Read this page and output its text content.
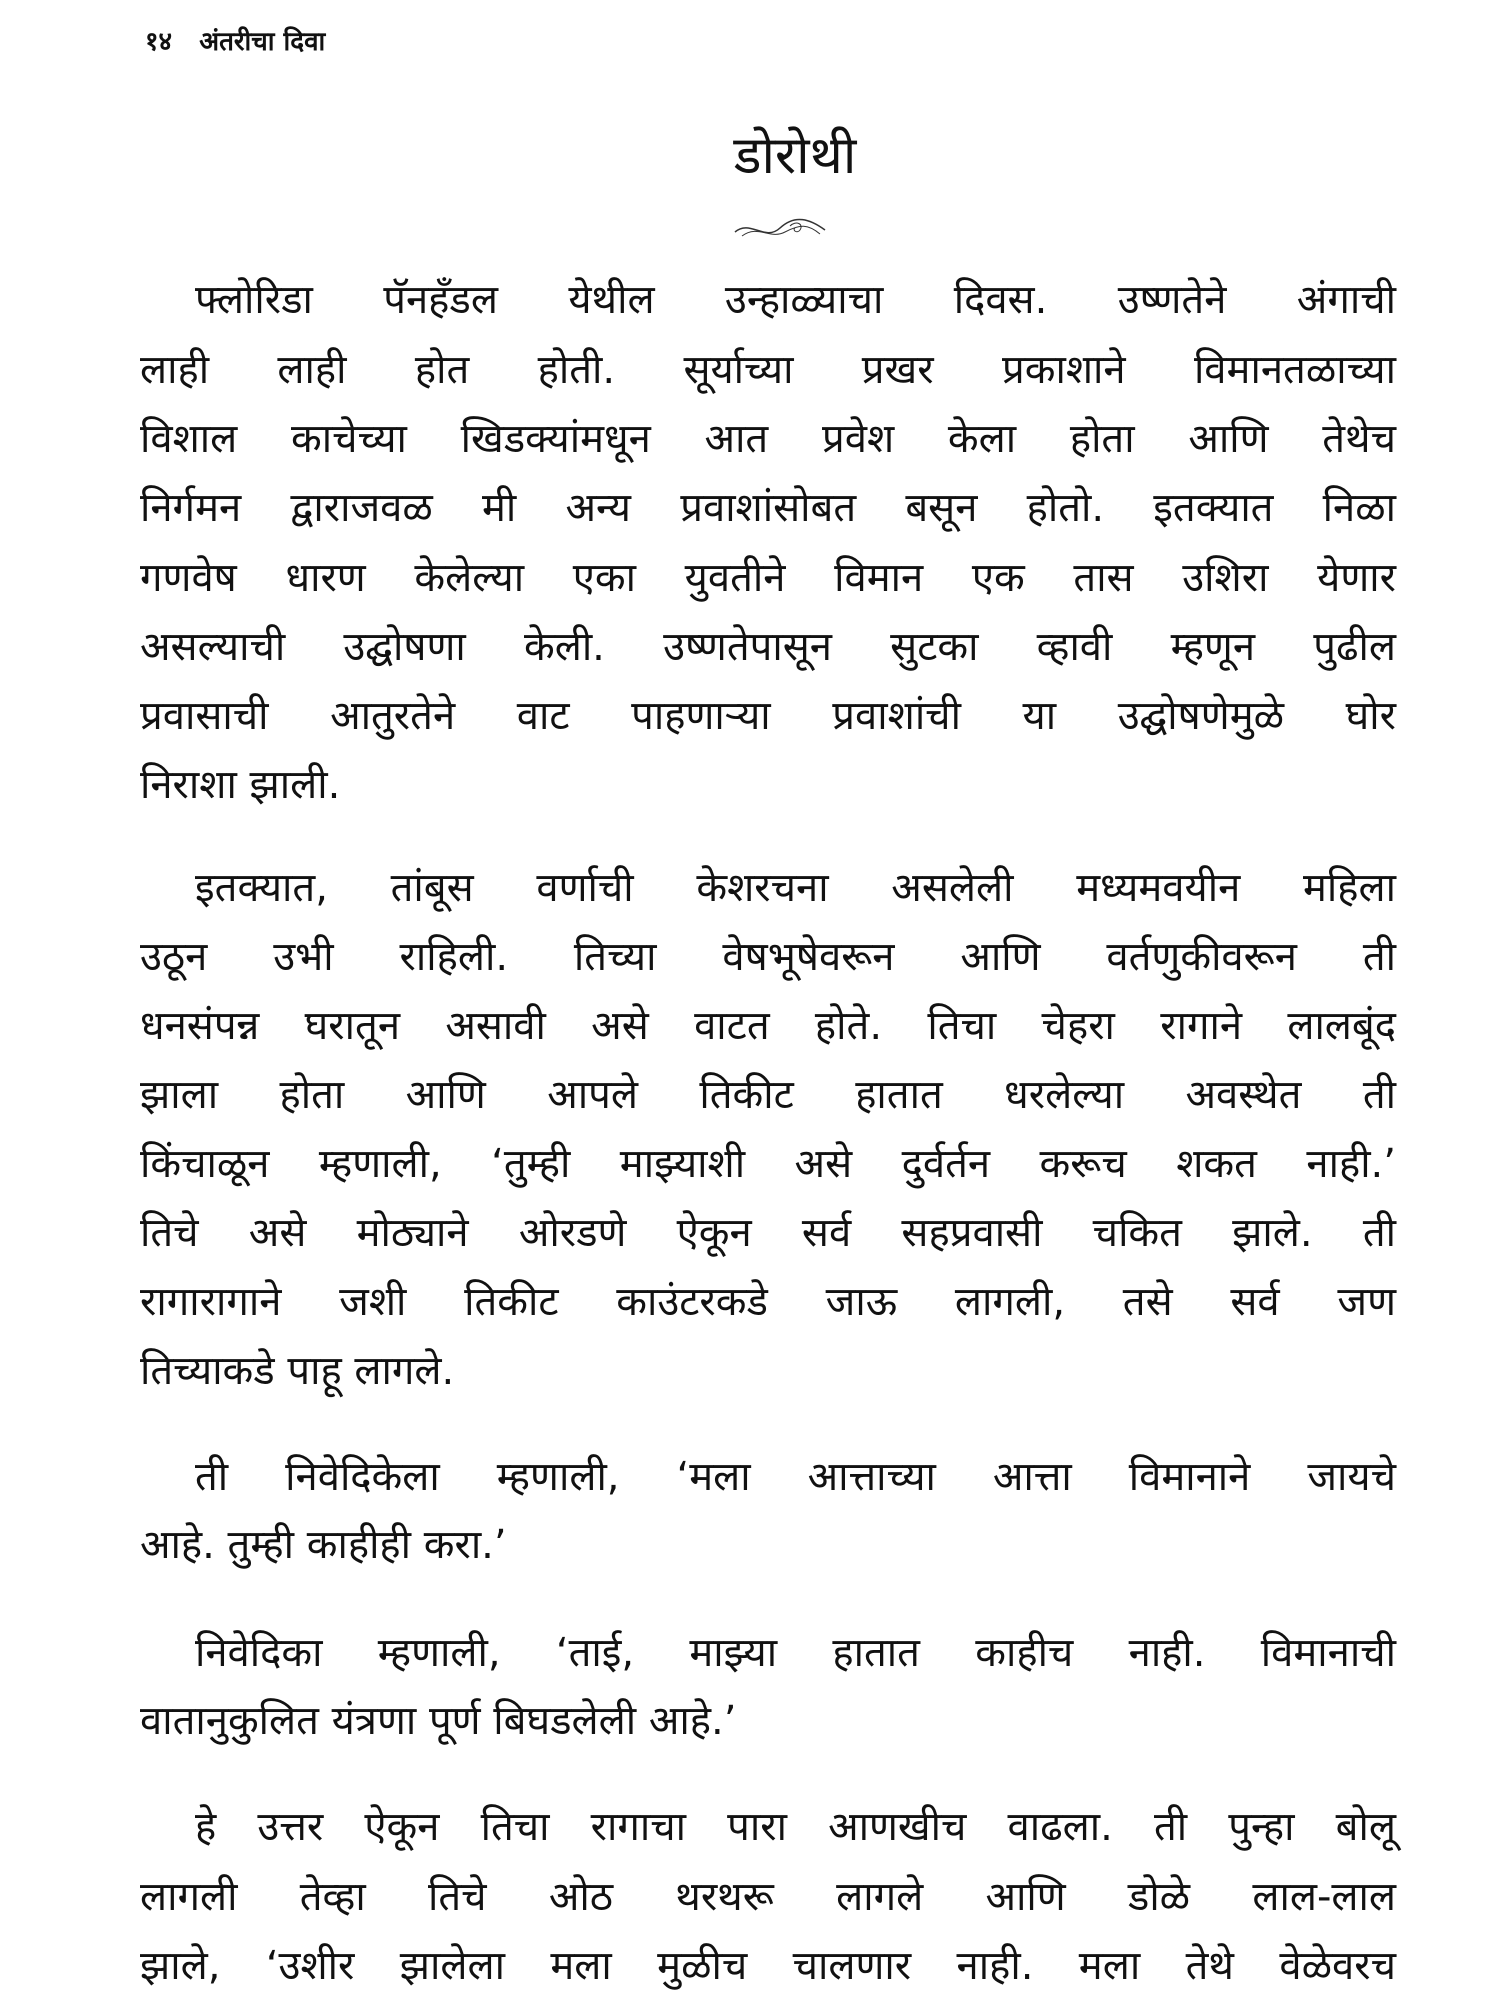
१४ अंतरीचा दिवा
डोरोथी
फ्लोरिडा पॅनहँडल येथील उन्हाळ्याचा दिवस. उष्णतेने अंगाची
लाही लाही होत होती. सूर्याच्या प्रखर प्रकाशाने विमानतळाच्या
विशाल काचेच्या खिडक्यांमधून आत प्रवेश केला होता आणि तेथेच
निर्गमन द्वाराजवळ मी अन्य प्रवाशांसोबत बसून होतो. इतक्यात निळा
गणवेष धारण केलेल्या एका युवतीने विमान एक तास उशिरा येणार
असल्याची उद्घोषणा केली. उष्णतेपासून सुटका व्हावी म्हणून पुढील
प्रवासाची आतुरतेने वाट पाहणाऱ्या प्रवाशांची या उद्घोषणेमुळे घोर
निराशा झाली.
इतक्यात, तांबूस वर्णाची केशरचना असलेली मध्यमवयीन महिला
उठून उभी राहिली. तिच्या वेषभूषेवरून आणि वर्तणुकीवरून ती
धनसंपन्न घरातून असावी असे वाटत होते. तिचा चेहरा रागाने लालबूंद
झाला होता आणि आपले तिकीट हातात धरलेल्या अवस्थेत ती
किंचाळून म्हणाली, ‘तुम्ही माझ्याशी असे दुर्वर्तन करूच शकत नाही.’
तिचे असे मोठ्याने ओरडणे ऐकून सर्व सहप्रवासी चकित झाले. ती
रागारागाने जशी तिकीट काउंटरकडे जाऊ लागली, तसे सर्व जण
तिच्याकडे पाहू लागले.
ती निवेदिकेला म्हणाली, ‘मला आत्ताच्या आत्ता विमानाने जायचे
आहे. तुम्ही काहीही करा.’
निवेदिका म्हणाली, ‘ताई, माझ्या हातात काहीच नाही. विमानाची
वातानुकुलित यंत्रणा पूर्ण बिघडलेली आहे.’
हे उत्तर ऐकून तिचा रागाचा पारा आणखीच वाढला. ती पुन्हा बोलू
लागली तेव्हा तिचे ओठ थरथरू लागले आणि डोळे लाल-लाल
झाले, ‘उशीर झालेला मला मुळीच चालणार नाही. मला तेथे वेळेवरच
